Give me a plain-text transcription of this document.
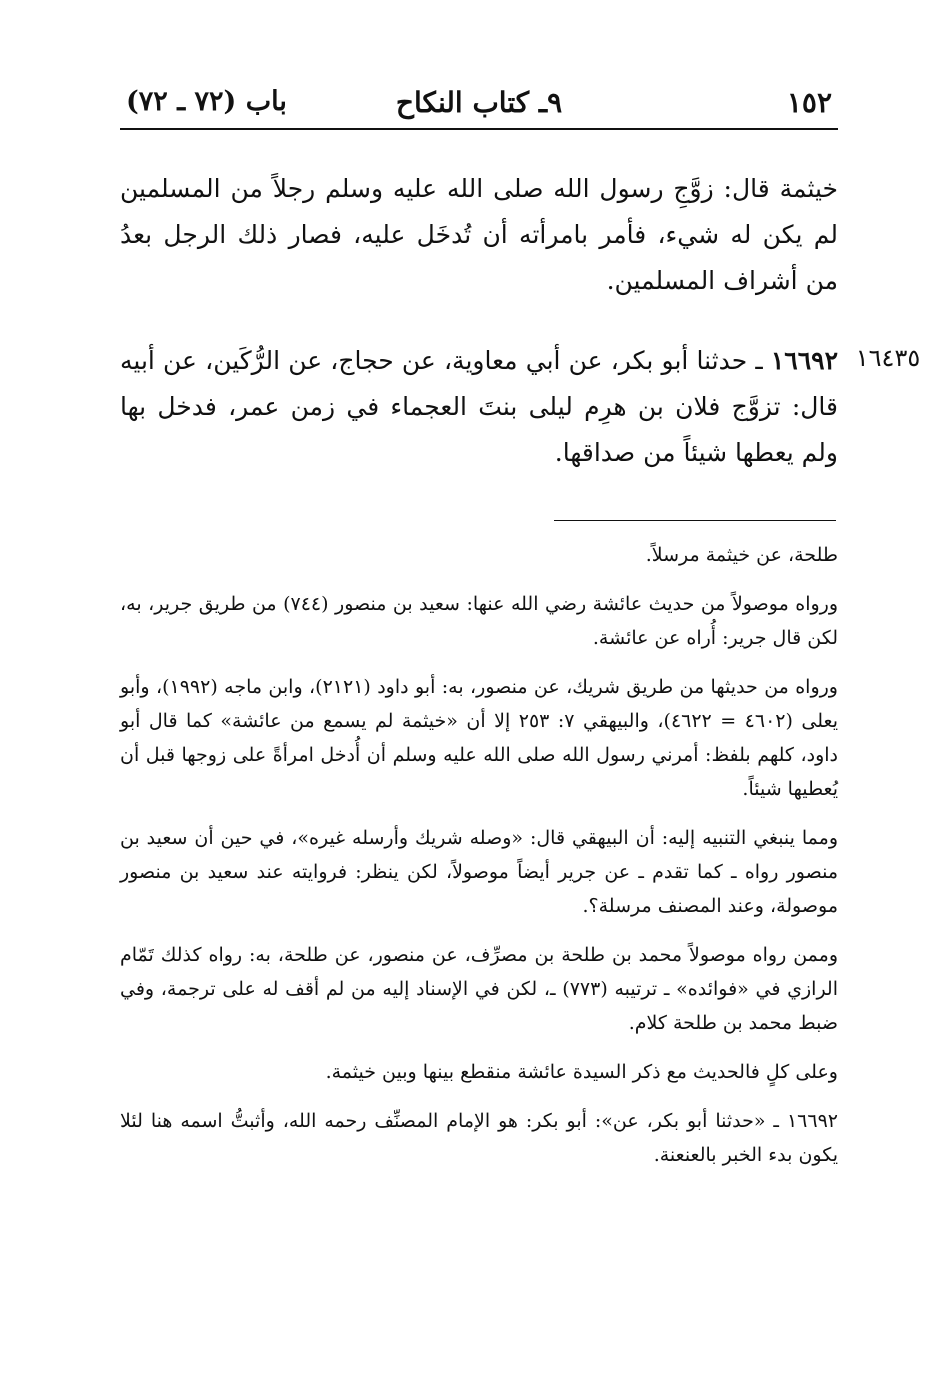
١٥٢
٩ـ كتاب النكاح
باب (٧٢ ـ ٧٢)
خيثمة قال: زوَّجِ رسول الله صلى الله عليه وسلم رجلاً من المسلمين لم يكن له شيء، فأمر بامرأته أن تُدخَل عليه، فصار ذلك الرجل بعدُ من أشراف المسلمين.
١٦٤٣٥
١٦٦٩٢ ـ حدثنا أبو بكر، عن أبي معاوية، عن حجاج، عن الرُّكَين، عن أبيه قال: تزوَّج فلان بن هرِم ليلى بنتَ العجماء في زمن عمر، فدخل بها ولم يعطها شيئاً من صداقها.

طلحة، عن خيثمة مرسلاً.

ورواه موصولاً من حديث عائشة رضي الله عنها: سعيد بن منصور (٧٤٤) من طريق جرير، به، لكن قال جرير: أُراه عن عائشة.

ورواه من حديثها من طريق شريك، عن منصور، به: أبو داود (٢١٢١)، وابن ماجه (١٩٩٢)، وأبو يعلى (٤٦٠٢ = ٤٦٢٢)، والبيهقي ٧: ٢٥٣ إلا أن «خيثمة لم يسمع من عائشة» كما قال أبو داود، كلهم بلفظ: أمرني رسول الله صلى الله عليه وسلم أن أُدخل امرأةً على زوجها قبل أن يُعطيها شيئاً.

ومما ينبغي التنبيه إليه: أن البيهقي قال: «وصله شريك وأرسله غيره»، في حين أن سعيد بن منصور رواه ـ كما تقدم ـ عن جرير أيضاً موصولاً، لكن ينظر: فروايته عند سعيد بن منصور موصولة، وعند المصنف مرسلة؟.

وممن رواه موصولاً محمد بن طلحة بن مصرِّف، عن منصور، عن طلحة، به: رواه كذلك تَمّام الرازي في «فوائده» ـ ترتيبه (٧٧٣) ـ، لكن في الإسناد إليه من لم أقف له على ترجمة، وفي ضبط محمد بن طلحة كلام.

وعلى كلٍ فالحديث مع ذكر السيدة عائشة منقطع بينها وبين خيثمة.

١٦٦٩٢ ـ «حدثنا أبو بكر، عن»: أبو بكر: هو الإمام المصنِّف رحمه الله، وأثبتُّ اسمه هنا لئلا يكون بدء الخبر بالعنعنة.
